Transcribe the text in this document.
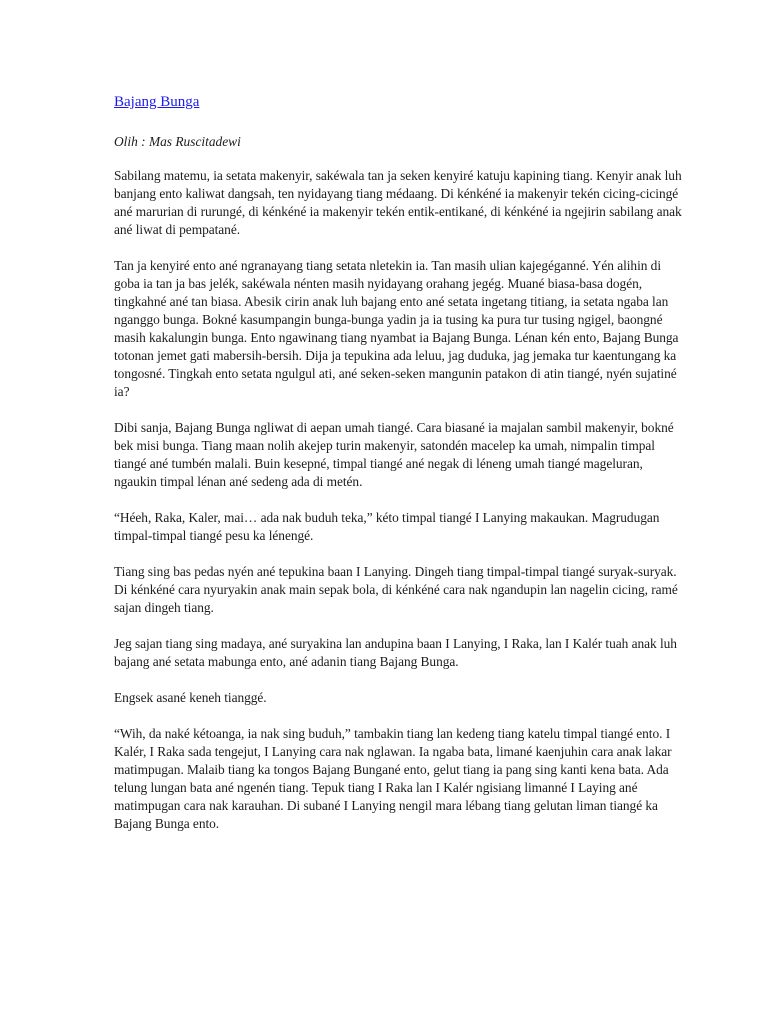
Bajang Bunga

Olih : Mas Ruscitadewi

Sabilang matemu, ia setata makenyir, sakéwala tan ja seken kenyiré katuju kapining tiang. Kenyir anak luh banjang ento kaliwat dangsah, ten nyidayang tiang médaang. Di kénkéné ia makenyir tekén cicing-cicingé ané marurian di rurungé, di kénkéné ia makenyir tekén entik-entikané, di kénkéné ia ngejirin sabilang anak ané liwat di pempatané.

Tan ja kenyiré ento ané ngranayang tiang setata nletekin ia. Tan masih ulian kajegéganné. Yén alihin di goba ia tan ja bas jelék, sakéwala nénten masih nyidayang orahang jegég. Muané biasa-basa dogén, tingkahné ané tan biasa. Abesik cirin anak luh bajang ento ané setata ingetang titiang, ia setata ngaba lan nganggo bunga. Bokné kasumpangin bunga-bunga yadin ja ia tusing ka pura tur tusing ngigel, baongné masih kakalungin bunga. Ento ngawinang tiang nyambat ia Bajang Bunga. Lénan kén ento, Bajang Bunga totonan jemet gati mabersih-bersih. Dija ja tepukina ada leluu, jag duduka, jag jemaka tur kaentungang ka tongosné. Tingkah ento setata ngulgul ati, ané seken-seken mangunin patakon di atin tiangé, nyén sujatiné ia?

Dibi sanja, Bajang Bunga ngliwat di aepan umah tiangé. Cara biasané ia majalan sambil makenyir, bokné bek misi bunga. Tiang maan nolih akejep turin makenyir, satondén macelep ka umah, nimpalin timpal tiangé ané tumbén malali. Buin kesepné, timpal tiangé ané negak di léneng umah tiangé mageluran, ngaukin timpal lénan ané sedeng ada di metén.

“Héeh, Raka, Kaler, mai… ada nak buduh teka,” kéto timpal tiangé I Lanying makaukan. Magrudugan timpal-timpal tiangé pesu ka lénengé.

Tiang sing bas pedas nyén ané tepukina baan I Lanying. Dingeh tiang timpal-timpal tiangé suryak-suryak. Di kénkéné cara nyuryakin anak main sepak bola, di kénkéné cara nak ngandupin lan nagelin cicing, ramé sajan dingeh tiang.

Jeg sajan tiang sing madaya, ané suryakina lan andupina baan I Lanying, I Raka, lan I Kalér tuah anak luh bajang ané setata mabunga ento, ané adanin tiang Bajang Bunga.

Engsek asané keneh tianggé.

“Wih, da naké kétoanga, ia nak sing buduh,” tambakin tiang lan kedeng tiang katelu timpal tiangé ento. I Kalér, I Raka sada tengejut, I Lanying cara nak nglawan. Ia ngaba bata, limané kaenjuhin cara anak lakar matimpugan. Malaib tiang ka tongos Bajang Bungané ento, gelut tiang ia pang sing kanti kena bata. Ada telung lungan bata ané ngenén tiang. Tepuk tiang I Raka lan I Kalér ngisiang limanné I Laying ané matimpugan cara nak karauhan. Di subané I Lanying nengil mara lébang tiang gelutan liman tiangé ka Bajang Bunga ento.
